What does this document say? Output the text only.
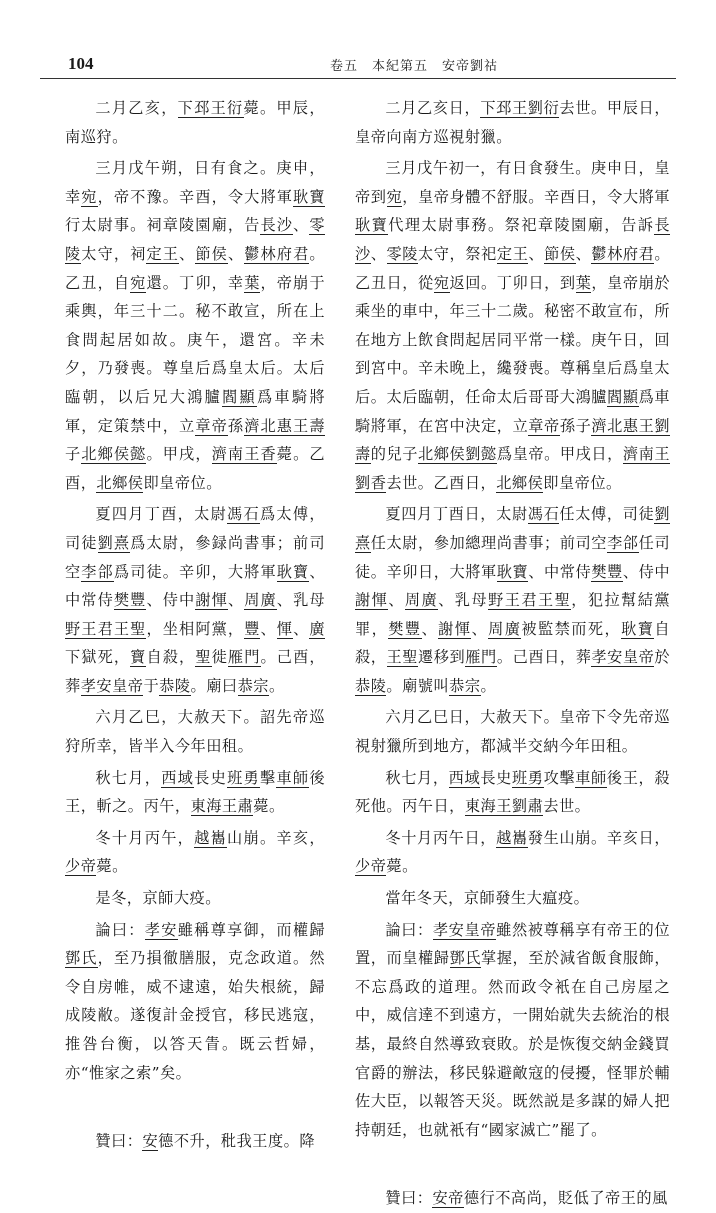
104	卷五　本紀第五　安帝劉祜

二月乙亥，下邳王衍薨。甲辰，南巡狩。

三月戊午朔，日有食之。庚申，幸宛，帝不豫。辛酉，令大將軍耿寶行太尉事。祠章陵園廟，告長沙、零陵太守，祠定王、節侯、鬱林府君。乙丑，自宛還。丁卯，幸葉，帝崩于乘輿，年三十二。秘不敢宣，所在上食問起居如故。庚午，還宮。辛未夕，乃發喪。尊皇后爲皇太后。太后臨朝，以后兄大鴻臚閻顯爲車騎將軍，定策禁中，立章帝孫濟北惠王壽子北鄉侯懿。甲戌，濟南王香薨。乙酉，北鄉侯即皇帝位。

夏四月丁酉，太尉馮石爲太傅，司徒劉熹爲太尉，參録尚書事；前司空李郃爲司徒。辛卯，大將軍耿寶、中常侍樊豐、侍中謝惲、周廣、乳母野王君王聖，坐相阿黨，豐、惲、廣下獄死，寶自殺，聖徙雁門。己酉，葬孝安皇帝于恭陵。廟曰恭宗。

六月乙巳，大赦天下。詔先帝巡狩所幸，皆半入今年田租。

秋七月，西域長史班勇擊車師後王，斬之。丙午，東海王肅薨。

冬十月丙午，越巂山崩。辛亥，少帝薨。

是冬，京師大疫。

論曰：孝安雖稱尊享御，而權歸鄧氏，至乃損徹膳服，克念政道。然令自房帷，威不逮遠，始失根統，歸成陵敝。遂復計金授官，移民逃寇，推咎台衡，以答天眚。既云哲婦，亦“惟家之索”矣。

贊曰：安德不升，秕我王度。降

二月乙亥日，下邳王劉衍去世。甲辰日，皇帝向南方巡視射獵。

三月戊午初一，有日食發生。庚申日，皇帝到宛，皇帝身體不舒服。辛酉日，令大將軍耿寶代理太尉事務。祭祀章陵園廟，告訴長沙、零陵太守，祭祀定王、節侯、鬱林府君。乙丑日，從宛返回。丁卯日，到葉，皇帝崩於乘坐的車中，年三十二歲。秘密不敢宣布，所在地方上飲食問起居同平常一樣。庚午日，回到宮中。辛未晚上，纔發喪。尊稱皇后爲皇太后。太后臨朝，任命太后哥哥大鴻臚閻顯爲車騎將軍，在宮中決定，立章帝孫子濟北惠王劉壽的兒子北鄉侯劉懿爲皇帝。甲戌日，濟南王劉香去世。乙酉日，北鄉侯即皇帝位。

夏四月丁酉日，太尉馮石任太傅，司徒劉熹任太尉，參加總理尚書事；前司空李郃任司徒。辛卯日，大將軍耿寶、中常侍樊豐、侍中謝惲、周廣、乳母野王君王聖，犯拉幫結黨罪，樊豐、謝惲、周廣被監禁而死，耿寶自殺，王聖遷移到雁門。己酉日，葬孝安皇帝於恭陵。廟號叫恭宗。

六月乙巳日，大赦天下。皇帝下令先帝巡視射獵所到地方，都減半交納今年田租。

秋七月，西域長史班勇攻擊車師後王，殺死他。丙午日，東海王劉肅去世。

冬十月丙午日，越巂發生山崩。辛亥日，少帝薨。

當年冬天，京師發生大瘟疫。

論曰：孝安皇帝雖然被尊稱享有帝王的位置，而皇權歸鄧氏掌握，至於減省飯食服飾，不忘爲政的道理。然而政令衹在自己房屋之中，威信達不到遠方，一開始就失去統治的根基，最終自然導致衰敗。於是恢復交納金錢買官爵的辦法，移民躲避敵寇的侵擾，怪罪於輔佐大臣，以報答天災。既然説是多謀的婦人把持朝廷，也就衹有“國家滅亡”罷了。

贊曰：安帝德行不高尚，貶低了帝王的風
